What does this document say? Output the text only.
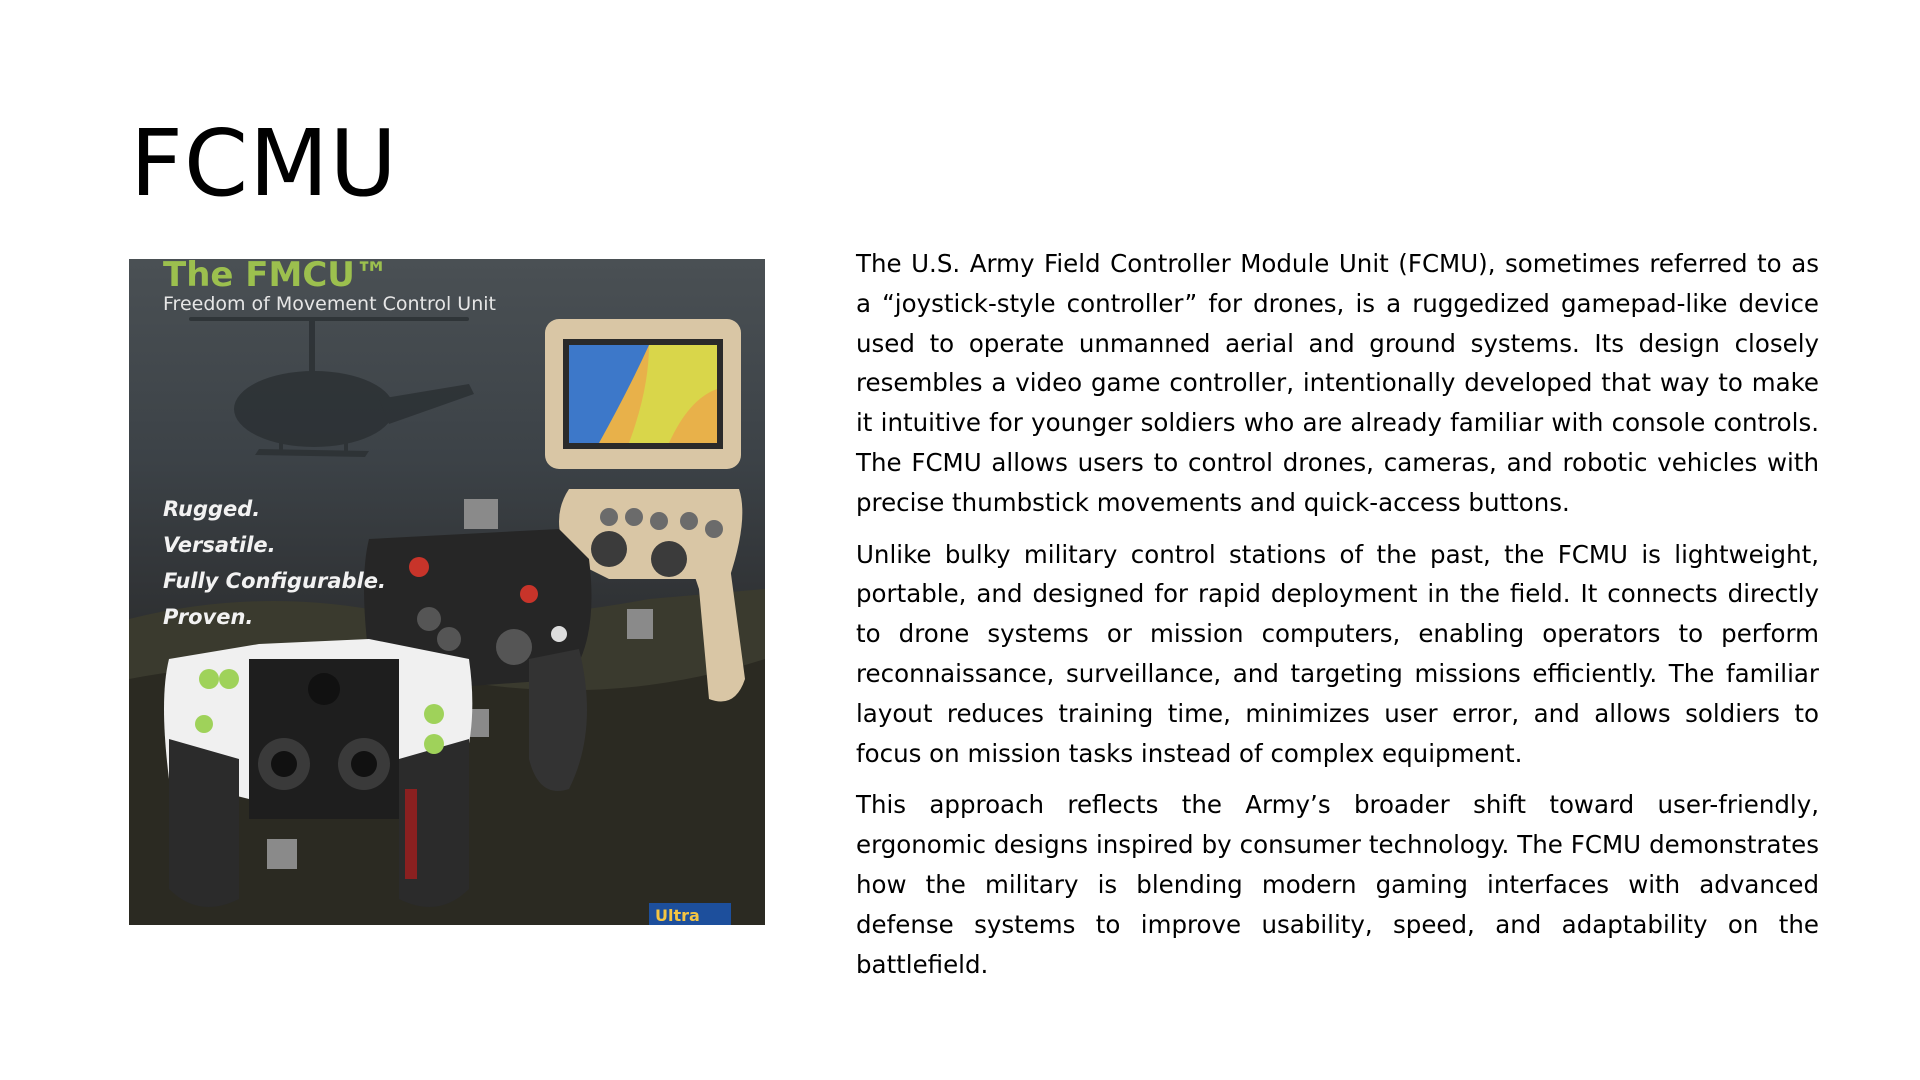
FCMU

The FMCU™

Freedom of Movement Control Unit

Rugged.

Versatile.

Fully Configurable.

Proven.

Ultra

The U.S. Army Field Controller Module Unit (FCMU), sometimes referred to as a “joystick-style controller” for drones, is a ruggedized gamepad-like device used to operate unmanned aerial and ground systems. Its design closely resembles a video game controller, intentionally developed that way to make it intuitive for younger soldiers who are already familiar with console controls. The FCMU allows users to control drones, cameras, and robotic vehicles with precise thumbstick movements and quick-access buttons.

Unlike bulky military control stations of the past, the FCMU is lightweight, portable, and designed for rapid deployment in the field. It connects directly to drone systems or mission computers, enabling operators to perform reconnaissance, surveillance, and targeting missions efficiently. The familiar layout reduces training time, minimizes user error, and allows soldiers to focus on mission tasks instead of complex equipment.

This approach reflects the Army’s broader shift toward user-friendly, ergonomic designs inspired by consumer technology. The FCMU demonstrates how the military is blending modern gaming interfaces with advanced defense systems to improve usability, speed, and adaptability on the battlefield.
